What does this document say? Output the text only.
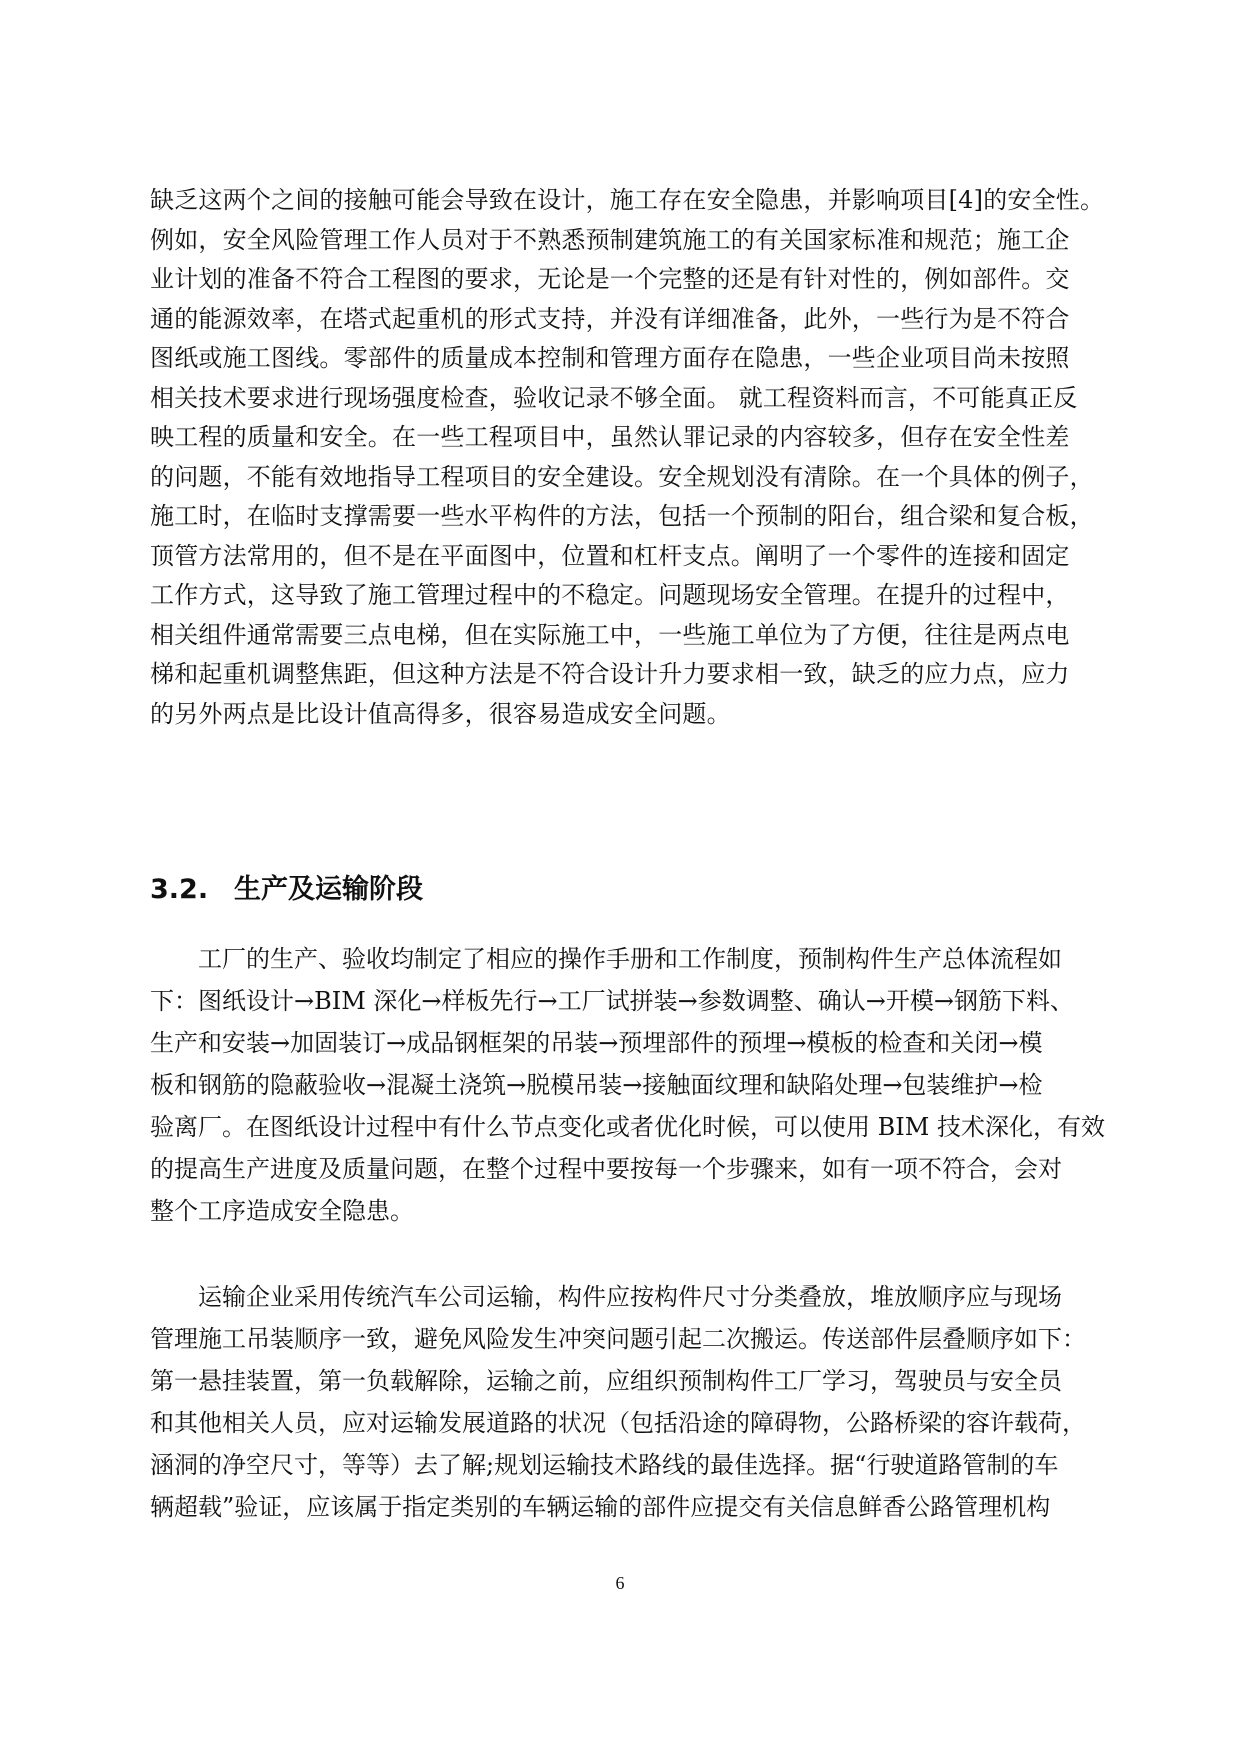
缺乏这两个之间的接触可能会导致在设计，施工存在安全隐患，并影响项目[4]的安全性。
例如，安全风险管理工作人员对于不熟悉预制建筑施工的有关国家标准和规范；施工企
业计划的准备不符合工程图的要求，无论是一个完整的还是有针对性的，例如部件。交
通的能源效率，在塔式起重机的形式支持，并没有详细准备，此外，一些行为是不符合
图纸或施工图线。零部件的质量成本控制和管理方面存在隐患，一些企业项目尚未按照
相关技术要求进行现场强度检查，验收记录不够全面。 就工程资料而言，不可能真正反
映工程的质量和安全。在一些工程项目中，虽然认罪记录的内容较多，但存在安全性差
的问题，不能有效地指导工程项目的安全建设。安全规划没有清除。在一个具体的例子，
施工时，在临时支撑需要一些水平构件的方法，包括一个预制的阳台，组合梁和复合板，
顶管方法常用的，但不是在平面图中，位置和杠杆支点。阐明了一个零件的连接和固定
工作方式，这导致了施工管理过程中的不稳定。问题现场安全管理。在提升的过程中，
相关组件通常需要三点电梯，但在实际施工中，一些施工单位为了方便，往往是两点电
梯和起重机调整焦距，但这种方法是不符合设计升力要求相一致，缺乏的应力点，应力
的另外两点是比设计值高得多，很容易造成安全问题。
3.2. 生产及运输阶段
工厂的生产、验收均制定了相应的操作手册和工作制度，预制构件生产总体流程如
下：图纸设计→BIM 深化→样板先行→工厂试拼装→参数调整、确认→开模→钢筋下料、
生产和安装→加固装订→成品钢框架的吊装→预埋部件的预埋→模板的检查和关闭→模
板和钢筋的隐蔽验收→混凝土浇筑→脱模吊装→接触面纹理和缺陷处理→包装维护→检
验离厂。在图纸设计过程中有什么节点变化或者优化时候，可以使用 BIM 技术深化，有效
的提高生产进度及质量问题，在整个过程中要按每一个步骤来，如有一项不符合，会对
整个工序造成安全隐患。
运输企业采用传统汽车公司运输，构件应按构件尺寸分类叠放，堆放顺序应与现场
管理施工吊装顺序一致，避免风险发生冲突问题引起二次搬运。传送部件层叠顺序如下：
第一悬挂装置，第一负载解除，运输之前，应组织预制构件工厂学习，驾驶员与安全员
和其他相关人员，应对运输发展道路的状况（包括沿途的障碍物，公路桥梁的容许载荷，
涵洞的净空尺寸，等等）去了解;规划运输技术路线的最佳选择。据“行驶道路管制的车
辆超载”验证，应该属于指定类别的车辆运输的部件应提交有关信息鲜香公路管理机构
6
